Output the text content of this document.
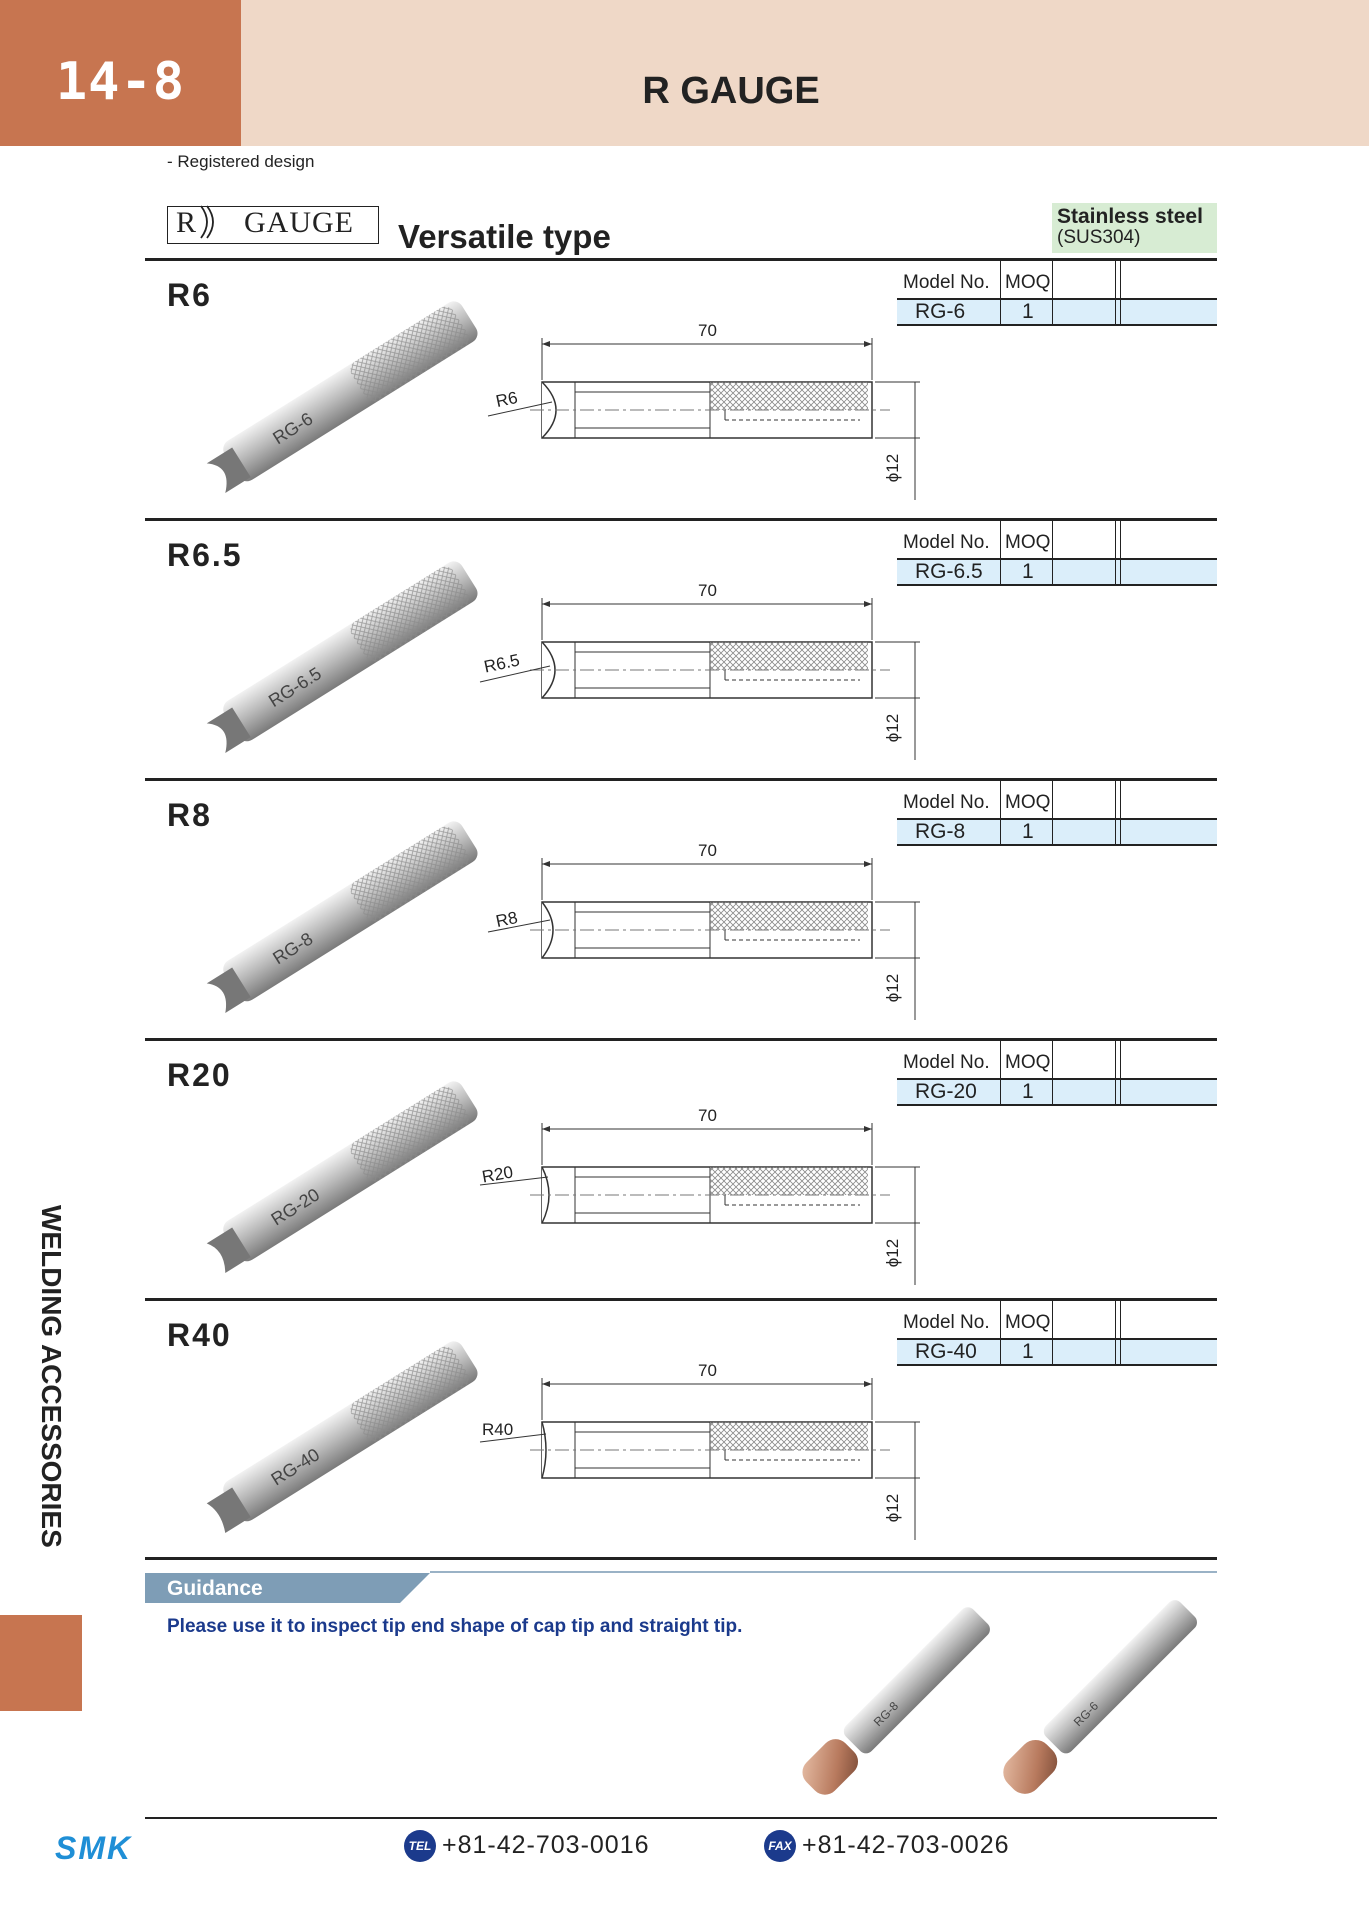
14-8	R GAUGE
- Registered design
R GAUGE Versatile type
Stainless steel
(SUS304)
R6	Model No. MOQ
RG-6	1
RG-6
70
R6
ϕ12
R6.5	Model No. MOQ
RG-6.5 1
RG-6.5
70
R6.5
ϕ12
R8	Model No. MOQ
RG-8	1
RG-8
70
R8
ϕ12
R20	Model No. MOQ
RG-20 1
RG-20
70
R20
ϕ12
R40	Model No. MOQ
RG-40 1
RG-40
70
R40
ϕ12
Guidance
Please use it to inspect tip end shape of cap tip and straight tip.
RG-8	RG-6
WELDING ACCESSORIES
SMK	TEL +81-42-703-0016	FAX +81-42-703-0026
